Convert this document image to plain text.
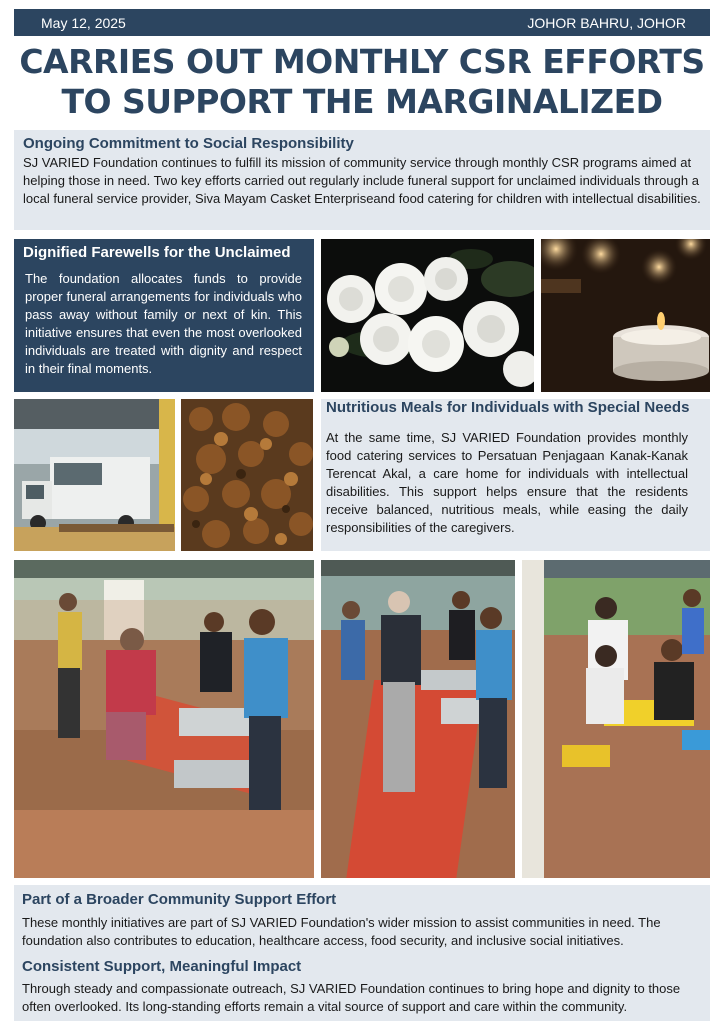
May 12, 2025	JOHOR BAHRU, JOHOR
CARRIES OUT MONTHLY CSR EFFORTS
TO SUPPORT THE MARGINALIZED

Ongoing Commitment to Social Responsibility

SJ VARIED Foundation continues to fulfill its mission of community service through monthly CSR programs aimed at helping those in need. Two key efforts carried out regularly include funeral support for unclaimed individuals through a local funeral service provider, Siva Mayam Casket Enterpriseand food catering for children with intellectual disabilities.

Dignified Farewells for the Unclaimed

The foundation allocates funds to provide proper funeral arrangements for individuals who pass away without family or next of kin. This initiative ensures that even the most overlooked individuals are treated with dignity and respect in their final moments.

Nutritious Meals for Individuals with Special Needs

At the same time, SJ VARIED Foundation provides monthly food catering services to Persatuan Penjagaan Kanak-Kanak Terencat Akal, a care home for individuals with intellectual disabilities. This support helps ensure that the residents receive balanced, nutritious meals, while easing the daily responsibilities of the caregivers.

Part of a Broader Community Support Effort

These monthly initiatives are part of SJ VARIED Foundation's wider mission to assist communities in need. The foundation also contributes to education, healthcare access, food security, and inclusive social initiatives.

Consistent Support, Meaningful Impact

Through steady and compassionate outreach, SJ VARIED Foundation continues to bring hope and dignity to those often overlooked. Its long-standing efforts remain a vital source of support and care within the community.
